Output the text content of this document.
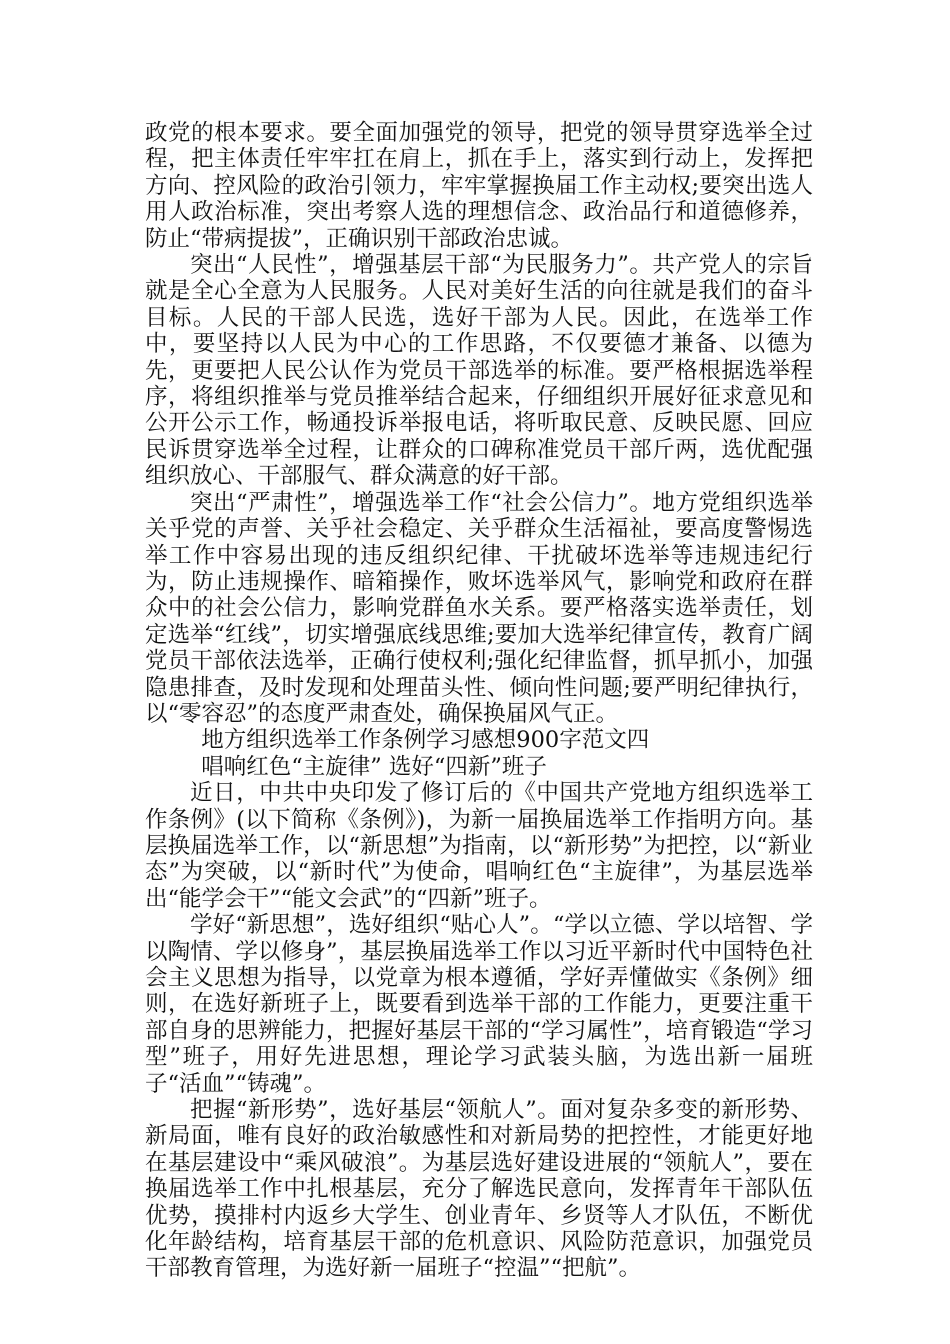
政党的根本要求。要全面加强党的领导，把党的领导贯穿选举全过程，把主体责任牢牢扛在肩上，抓在手上，落实到行动上，发挥把方向、控风险的政治引领力，牢牢掌握换届工作主动权;要突出选人用人政治标准，突出考察人选的理想信念、政治品行和道德修养，防止“带病提拔”，正确识别干部政治忠诚。

突出“人民性”，增强基层干部“为民服务力”。共产党人的宗旨就是全心全意为人民服务。人民对美好生活的向往就是我们的奋斗目标。人民的干部人民选，选好干部为人民。因此，在选举工作中，要坚持以人民为中心的工作思路，不仅要德才兼备、以德为先，更要把人民公认作为党员干部选举的标准。要严格根据选举程序，将组织推举与党员推举结合起来，仔细组织开展好征求意见和公开公示工作，畅通投诉举报电话，将听取民意、反映民愿、回应民诉贯穿选举全过程，让群众的口碑称准党员干部斤两，选优配强组织放心、干部服气、群众满意的好干部。

突出“严肃性”，增强选举工作“社会公信力”。地方党组织选举关乎党的声誉、关乎社会稳定、关乎群众生活福祉，要高度警惕选举工作中容易出现的违反组织纪律、干扰破坏选举等违规违纪行为，防止违规操作、暗箱操作，败坏选举风气，影响党和政府在群众中的社会公信力，影响党群鱼水关系。要严格落实选举责任，划定选举“红线”，切实增强底线思维;要加大选举纪律宣传，教育广阔党员干部依法选举，正确行使权利;强化纪律监督，抓早抓小，加强隐患排查，及时发现和处理苗头性、倾向性问题;要严明纪律执行，以“零容忍”的态度严肃查处，确保换届风气正。

地方组织选举工作条例学习感想900字范文四

唱响红色“主旋律” 选好“四新”班子

近日，中共中央印发了修订后的《中国共产党地方组织选举工作条例》(以下简称《条例》)，为新一届换届选举工作指明方向。基层换届选举工作，以“新思想”为指南，以“新形势”为把控，以“新业态”为突破，以“新时代”为使命，唱响红色“主旋律”，为基层选举出“能学会干”“能文会武”的“四新”班子。

学好“新思想”，选好组织“贴心人”。“学以立德、学以培智、学以陶情、学以修身”，基层换届选举工作以习近平新时代中国特色社会主义思想为指导，以党章为根本遵循，学好弄懂做实《条例》细则，在选好新班子上，既要看到选举干部的工作能力，更要注重干部自身的思辨能力，把握好基层干部的“学习属性”，培育锻造“学习型”班子，用好先进思想，理论学习武装头脑，为选出新一届班子“活血”“铸魂”。

把握“新形势”，选好基层“领航人”。面对复杂多变的新形势、新局面，唯有良好的政治敏感性和对新局势的把控性，才能更好地在基层建设中“乘风破浪”。为基层选好建设进展的“领航人”，要在换届选举工作中扎根基层，充分了解选民意向，发挥青年干部队伍优势，摸排村内返乡大学生、创业青年、乡贤等人才队伍，不断优化年龄结构，培育基层干部的危机意识、风险防范意识，加强党员干部教育管理，为选好新一届班子“控温”“把航”。
